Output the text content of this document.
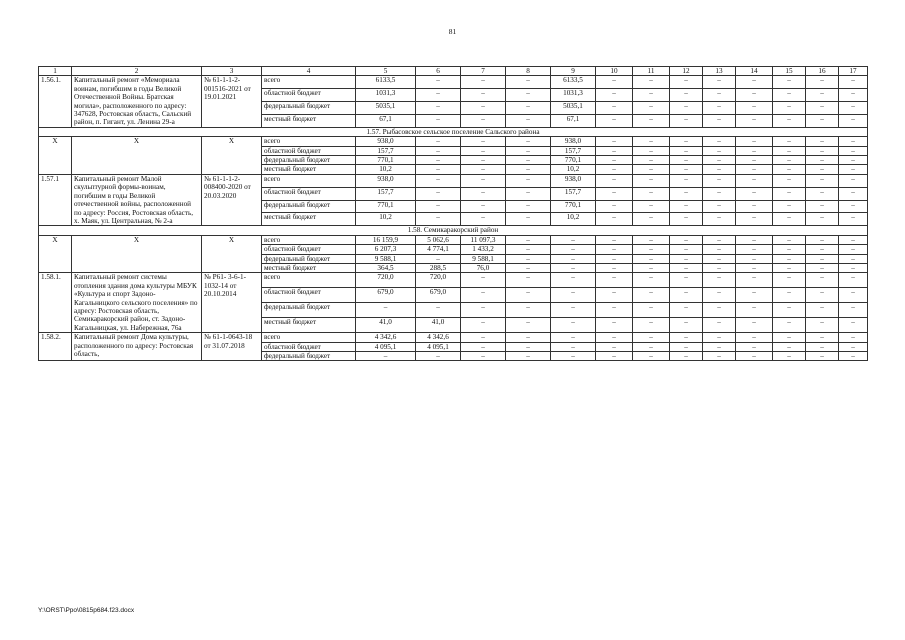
81
1	2	3	4	5	6	7	8	9	10	11	12	13	14	15	16	17
1.56.1.	Капитальный ремонт «Мемориала воинам, погибшим в годы Великой Отечественной Войны. Братская могила», расположенного по адресу: 347628, Ростовская область, Сальский район, п. Гигант, ул. Ленина 29-а	№ 61-1-1-2-001516-2021 от 19.01.2021	всего	6133,5	–	–	–	6133,5	–	–	–	–	–	–	–	–
			областной бюджет	1031,3	–	–	–	1031,3	–	–	–	–	–	–	–	–
			федеральный бюджет	5035,1	–	–	–	5035,1	–	–	–	–	–	–	–	–
			местный бюджет	67,1	–	–	–	67,1	–	–	–	–	–	–	–	–
1.57. Рыбасовское сельское поселение Сальского района																
X	X	X	всего	938,0	–	–	–	938,0	–	–	–	–	–	–	–	–
			областной бюджет	157,7	–	–	–	157,7	–	–	–	–	–	–	–	–
			федеральный бюджет	770,1	–	–	–	770,1	–	–	–	–	–	–	–	–
			местный бюджет	10,2	–	–	–	10,2	–	–	–	–	–	–	–	–
1.57.1	Капитальный ремонт Малой скульптурной формы-воинам, погибшим в годы Великой отечественной войны, расположенной по адресу: Россия, Ростовская область, х. Маяк, ул. Центральная, № 2-а	№ 61-1-1-2-008400-2020 от 20.03.2020	всего	938,0	–	–	–	938,0	–	–	–	–	–	–	–	–
			областной бюджет	157,7	–	–	–	157,7	–	–	–	–	–	–	–	–
			федеральный бюджет	770,1	–	–	–	770,1	–	–	–	–	–	–	–	–
			местный бюджет	10,2	–	–	–	10,2	–	–	–	–	–	–	–	–
1.58. Семикаракорский район																
X	X	X	всего	16 159,9	5 062,6	11 097,3	–	–	–	–	–	–	–	–	–	–
			областной бюджет	6 207,3	4 774,1	1 433,2	–	–	–	–	–	–	–	–	–	–
			федеральный бюджет	9 588,1	–	9 588,1	–	–	–	–	–	–	–	–	–	–
			местный бюджет	364,5	288,5	76,0	–	–	–	–	–	–	–	–	–	–
1.58.1.	Капитальный ремонт системы отопления здания дома культуры МБУК «Культура и спорт Задоно-Кагальницкого сельского поселения» по адресу: Ростовская область, Семикаракорский район, ст. Задоно-Кагальницкая, ул. Набережная, 76а	№ Р61- 3-6-1-1032-14 от 20.10.2014	всего	720,0	720,0	–	–	–	–	–	–	–	–	–	–	–
			областной бюджет	679,0	679,0	–	–	–	–	–	–	–	–	–	–	–
			федеральный бюджет	–	–	–	–	–	–	–	–	–	–	–	–	–
			местный бюджет	41,0	41,0	–	–	–	–	–	–	–	–	–	–	–
1.58.2.	Капитальный ремонт Дома культуры, расположенного по адресу: Ростовская область,	№ 61-1-0643-18 от 31.07.2018	всего	4 342,6	4 342,6	–	–	–	–	–	–	–	–	–	–	–
			областной бюджет	4 095,1	4 095,1	–	–	–	–	–	–	–	–	–	–	–
			федеральный бюджет	–	–	–	–	–	–	–	–	–	–	–	–	–
Y:\ORST\Ppo\0815p684.f23.docx
